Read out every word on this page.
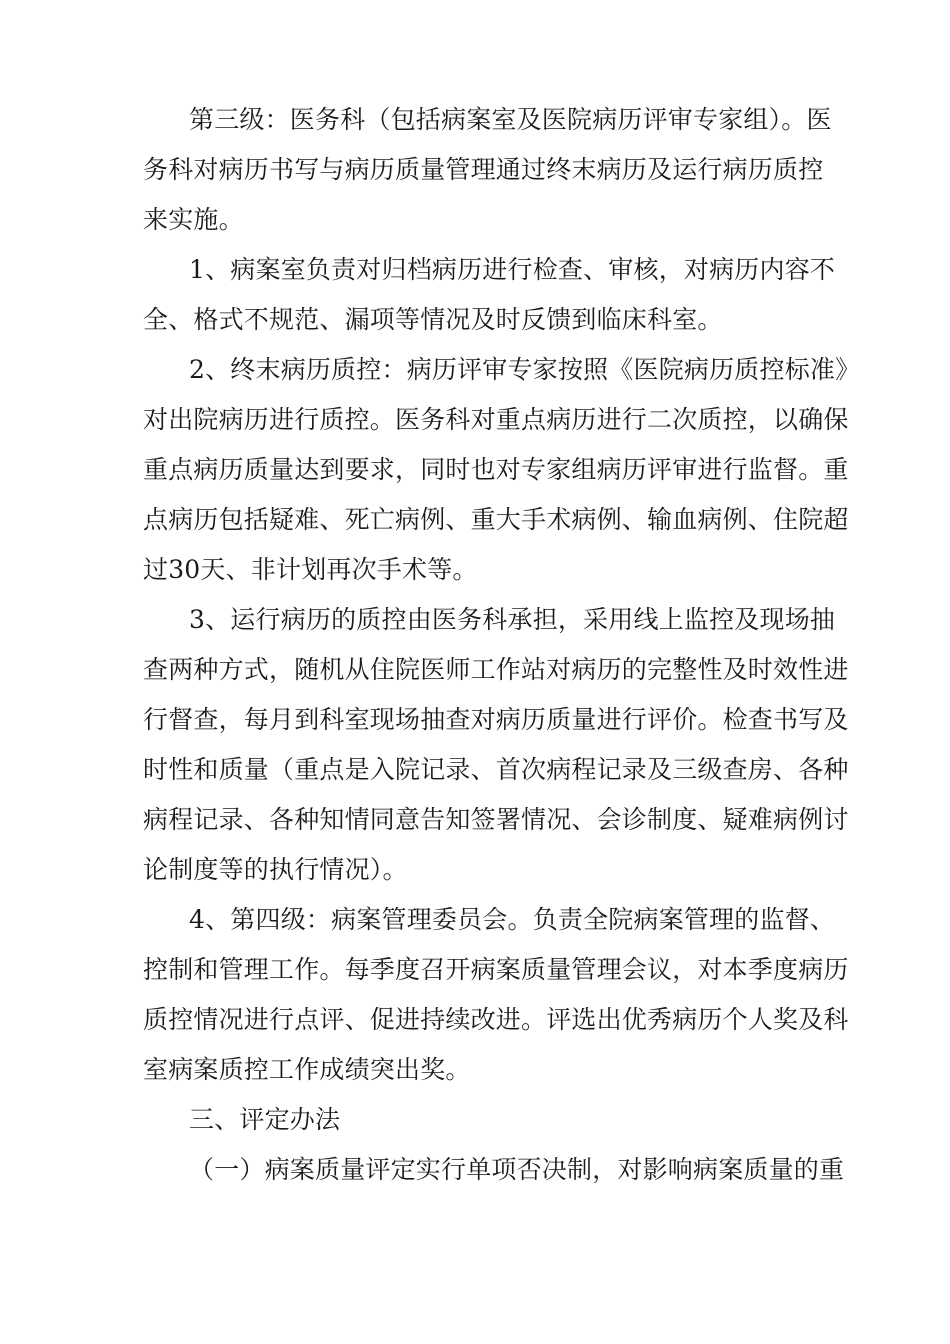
第三级：医务科（包括病案室及医院病历评审专家组）。医
务科对病历书写与病历质量管理通过终末病历及运行病历质控
来实施。
1、病案室负责对归档病历进行检查、审核，对病历内容不
全、格式不规范、漏项等情况及时反馈到临床科室。
2、终末病历质控：病历评审专家按照《医院病历质控标准》
对出院病历进行质控。医务科对重点病历进行二次质控，以确保
重点病历质量达到要求，同时也对专家组病历评审进行监督。重
点病历包括疑难、死亡病例、重大手术病例、输血病例、住院超
过30天、非计划再次手术等。
3、运行病历的质控由医务科承担，采用线上监控及现场抽
查两种方式，随机从住院医师工作站对病历的完整性及时效性进
行督查，每月到科室现场抽查对病历质量进行评价。检查书写及
时性和质量（重点是入院记录、首次病程记录及三级查房、各种
病程记录、各种知情同意告知签署情况、会诊制度、疑难病例讨
论制度等的执行情况）。
4、第四级：病案管理委员会。负责全院病案管理的监督、
控制和管理工作。每季度召开病案质量管理会议，对本季度病历
质控情况进行点评、促进持续改进。评选出优秀病历个人奖及科
室病案质控工作成绩突出奖。
三、评定办法
（一）病案质量评定实行单项否决制，对影响病案质量的重
